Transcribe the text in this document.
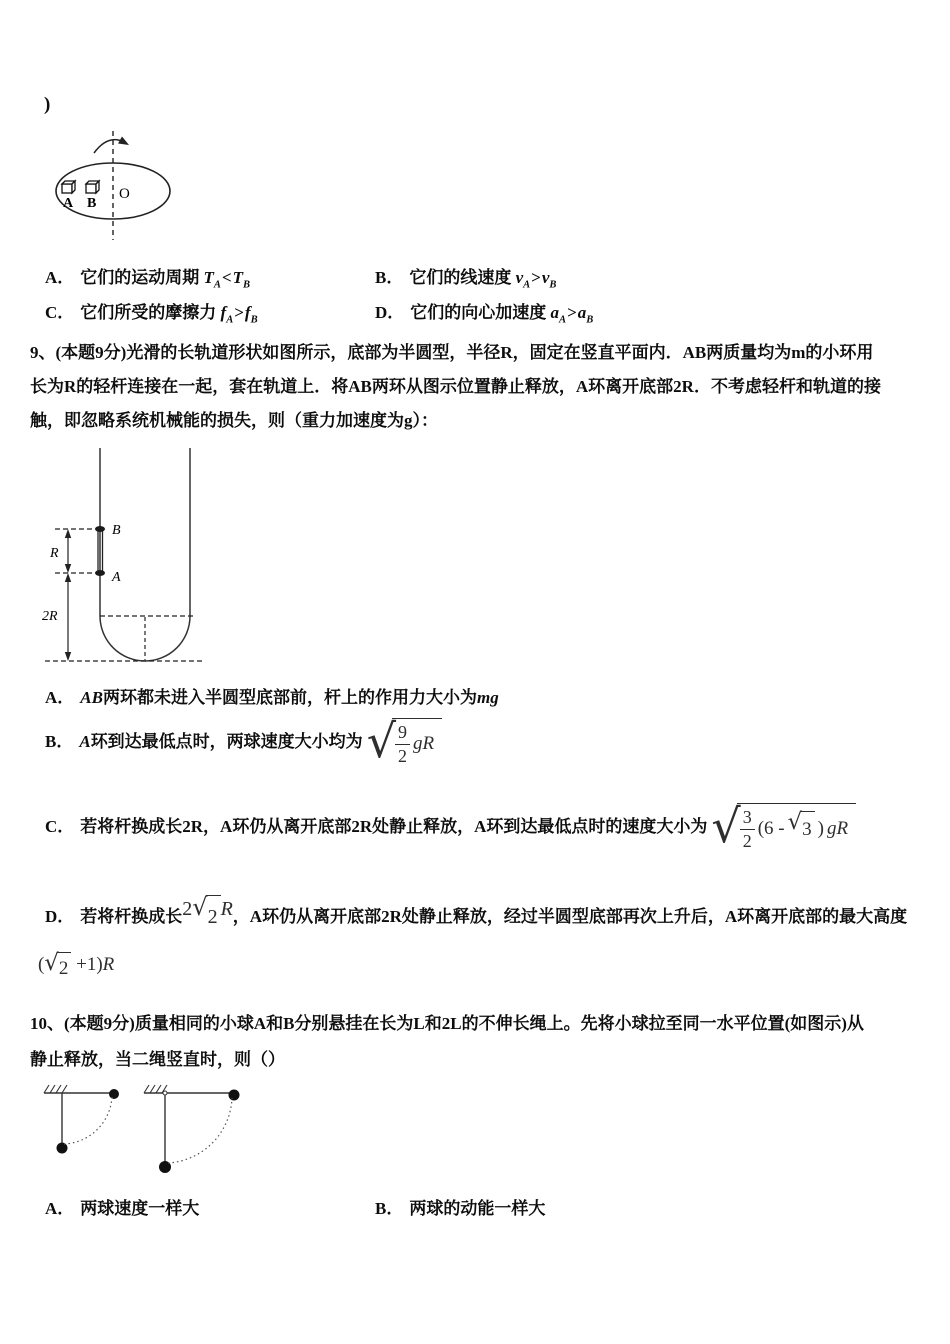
)
A B
O
A． 它们的运动周期 $T_A<T_B$	B． 它们的线速度 $v_A>v_B$
C． 它们所受的摩擦力 $f_A>f_B$	D． 它们的向心加速度 $a_A>a_B$
9、(本题9分)光滑的长轨道形状如图所示，底部为半圆型，半径R，固定在竖直平面内．AB两质量均为m的小环用
长为R的轻杆连接在一起，套在轨道上．将AB两环从图示位置静止释放，A环离开底部2R．不考虑轻杆和轨道的接
触，即忽略系统机械能的损失，则（重力加速度为g）：
B
A
R
2R
A． AB两环都未进入半圆型底部前，杆上的作用力大小为mg
B． A 环到达最低点时，两球速度大小均为 √ $\frac{9}{2}$ gR
C． 若将杆换成长2R，A环仍从离开底部2R处静止释放，A环到达最低点时的速度大小为 √ $\frac{3}{2} (6$ - √ 3 ) gR
D． 若将杆换成长2 √ 2 R，A环仍从离开底部2R处静止释放，经过半圆型底部再次上升后，A环离开底部的最大高度
( √ 2 +1)R
10、(本题9分)质量相同的小球A和B分别悬挂在长为L和2L的不伸长绳上。先将小球拉至同一水平位置(如图示)从
静止释放，当二绳竖直时，则（）
A． 两球速度一样大	B． 两球的动能一样大
